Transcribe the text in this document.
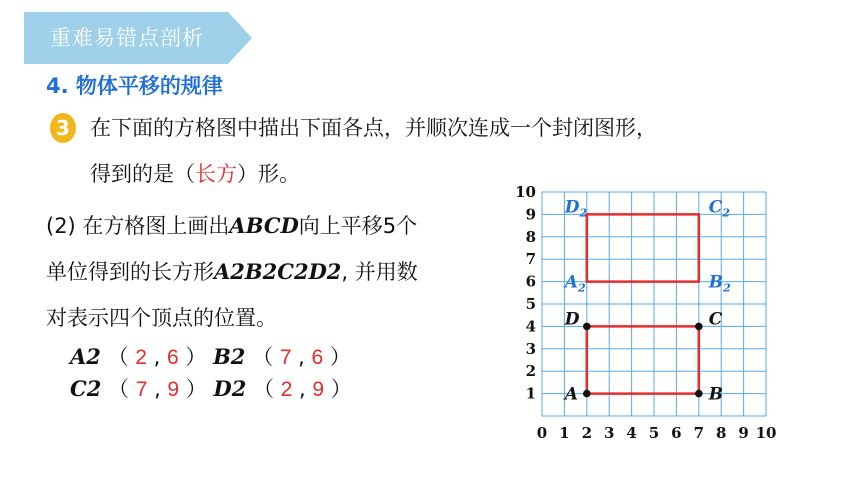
重难易错点剖析
4. 物体平移的规律
3 在下面的方格图中描出下面各点，并顺次连成一个封闭图形，
得到的是（长方）形。
(2) 在方格图上画出ABCD向上平移5个
单位得到的长方形A2B2C2D2, 并用数
对表示四个顶点的位置。
A2 （ 2 , 6 ） B2 （ 7 , 6 ）
C2 （ 7 , 9 ） D2 （ 2 , 9 ）
0 1 2 3 4 5 6 7 8 9 10
1
2
3
4
5
6
7
8
9
10
A	B
C
D
$A_2$	$B_2$
$C_2$
$D_2$
